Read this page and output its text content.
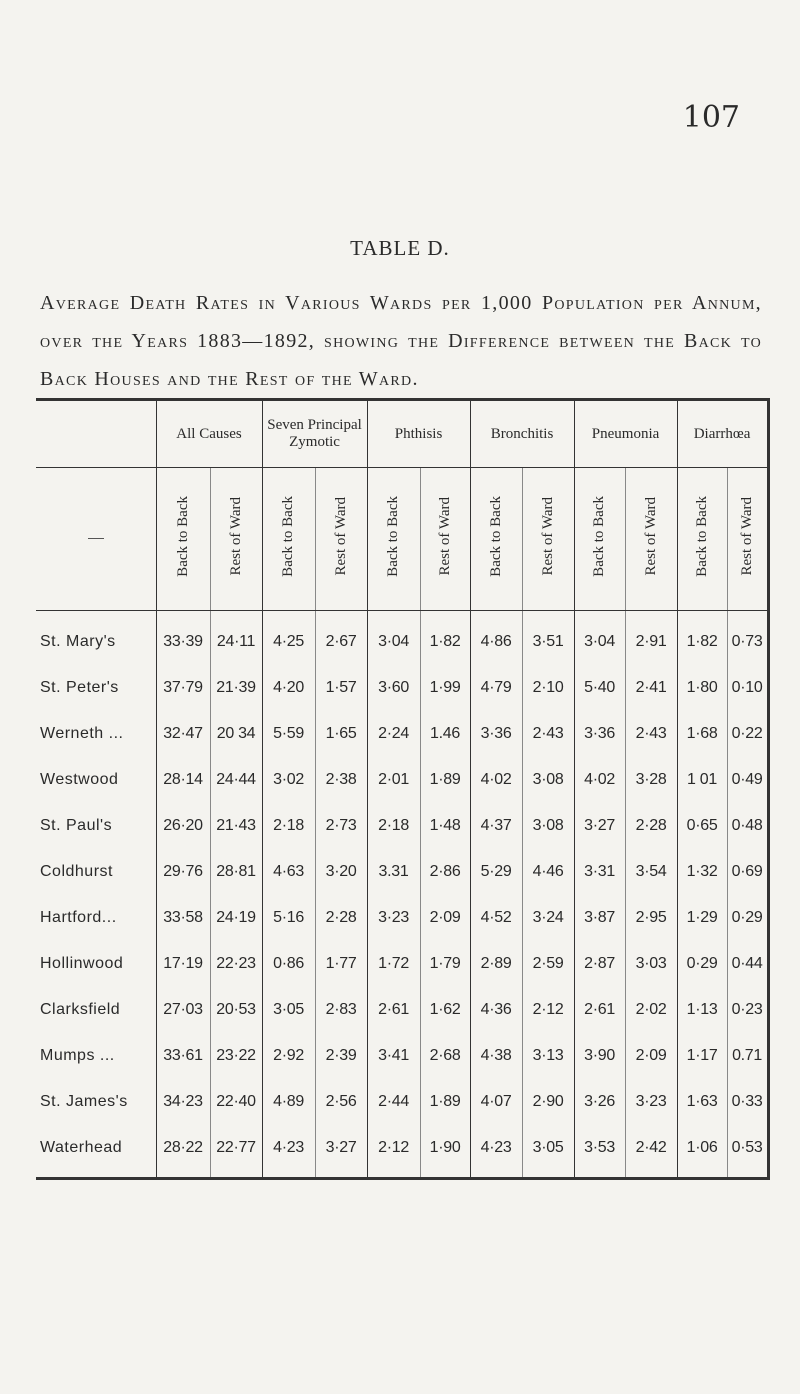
107
TABLE D.
Average Death Rates in Various Wards per 1,000 Population per Annum, over the Years 1883—1892, showing the Difference between the Back to Back Houses and the Rest of the Ward.
	All Causes		Seven Principal Zymotic		Phthisis		Bronchitis		Pneumonia		Diarrhœa	
	Back to Back	Rest of Ward	Back to Back	Rest of Ward	Back to Back	Rest of Ward	Back to Back	Rest of Ward	Back to Back	Rest of Ward	Back to Back	Rest of Ward
St. Mary's	33·39	24·11	4·25	2·67	3·04	1·82	4·86	3·51	3·04	2·91	1·82	0·73
St. Peter's	37·79	21·39	4·20	1·57	3·60	1·99	4·79	2·10	5·40	2·41	1·80	0·10
Werneth ...	32·47	20 34	5·59	1·65	2·24	1.46	3·36	2·43	3·36	2·43	1·68	0·22
Westwood	28·14	24·44	3·02	2·38	2·01	1·89	4·02	3·08	4·02	3·28	1 01	0·49
St. Paul's	26·20	21·43	2·18	2·73	2·18	1·48	4·37	3·08	3·27	2·28	0·65	0·48
Coldhurst	29·76	28·81	4·63	3·20	3.31	2·86	5·29	4·46	3·31	3·54	1·32	0·69
Hartford...	33·58	24·19	5·16	2·28	3·23	2·09	4·52	3·24	3·87	2·95	1·29	0·29
Hollinwood	17·19	22·23	0·86	1·77	1·72	1·79	2·89	2·59	2·87	3·03	0·29	0·44
Clarksfield	27·03	20·53	3·05	2·83	2·61	1·62	4·36	2·12	2·61	2·02	1·13	0·23
Mumps ...	33·61	23·22	2·92	2·39	3·41	2·68	4·38	3·13	3·90	2·09	1·17	0.71
St. James's	34·23	22·40	4·89	2·56	2·44	1·89	4·07	2·90	3·26	3·23	1·63	0·33
Waterhead	28·22	22·77	4·23	3·27	2·12	1·90	4·23	3·05	3·53	2·42	1·06	0·53
